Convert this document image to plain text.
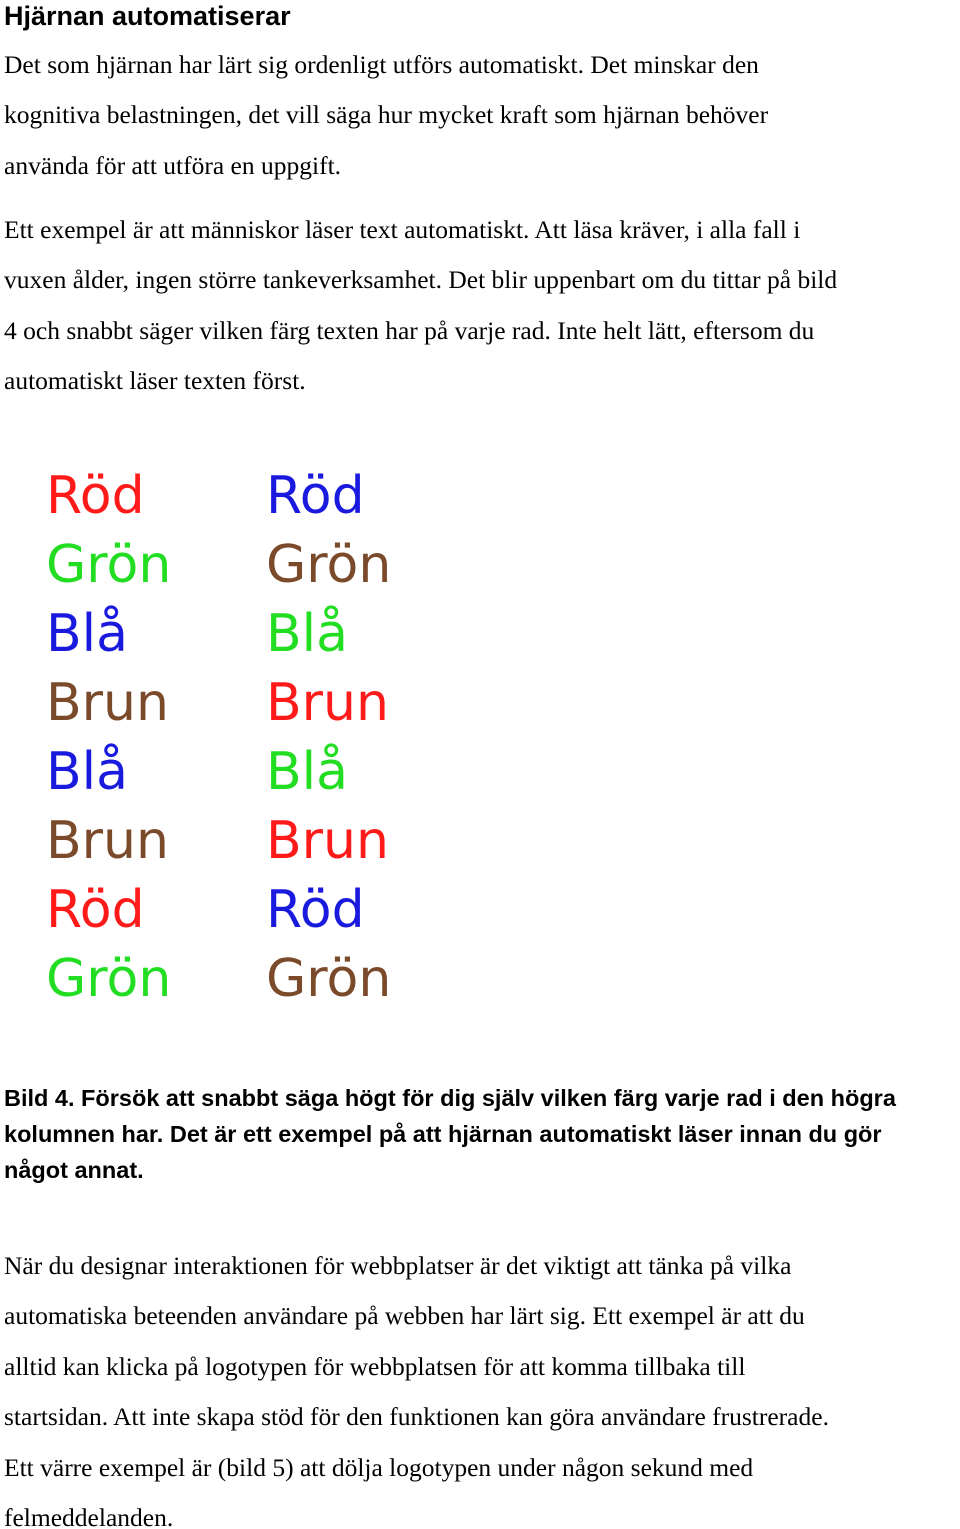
Hjärnan automatiserar

Det som hjärnan har lärt sig ordenligt utförs automatiskt. Det minskar den
kognitiva belastningen, det vill säga hur mycket kraft som hjärnan behöver
använda för att utföra en uppgift.

Ett exempel är att människor läser text automatiskt. Att läsa kräver, i alla fall i
vuxen ålder, ingen större tankeverksamhet. Det blir uppenbart om du tittar på bild
4 och snabbt säger vilken färg texten har på varje rad. Inte helt lätt, eftersom du
automatiskt läser texten först.

Röd
Grön
Blå
Brun
Blå
Brun
Röd
Grön
Röd
Grön
Blå
Brun
Blå
Brun
Röd
Grön

Bild 4. Försök att snabbt säga högt för dig själv vilken färg varje rad i den högra
kolumnen har. Det är ett exempel på att hjärnan automatiskt läser innan du gör
något annat.

När du designar interaktionen för webbplatser är det viktigt att tänka på vilka
automatiska beteenden användare på webben har lärt sig. Ett exempel är att du
alltid kan klicka på logotypen för webbplatsen för att komma tillbaka till
startsidan. Att inte skapa stöd för den funktionen kan göra användare frustrerade.
Ett värre exempel är (bild 5) att dölja logotypen under någon sekund med
felmeddelanden.
